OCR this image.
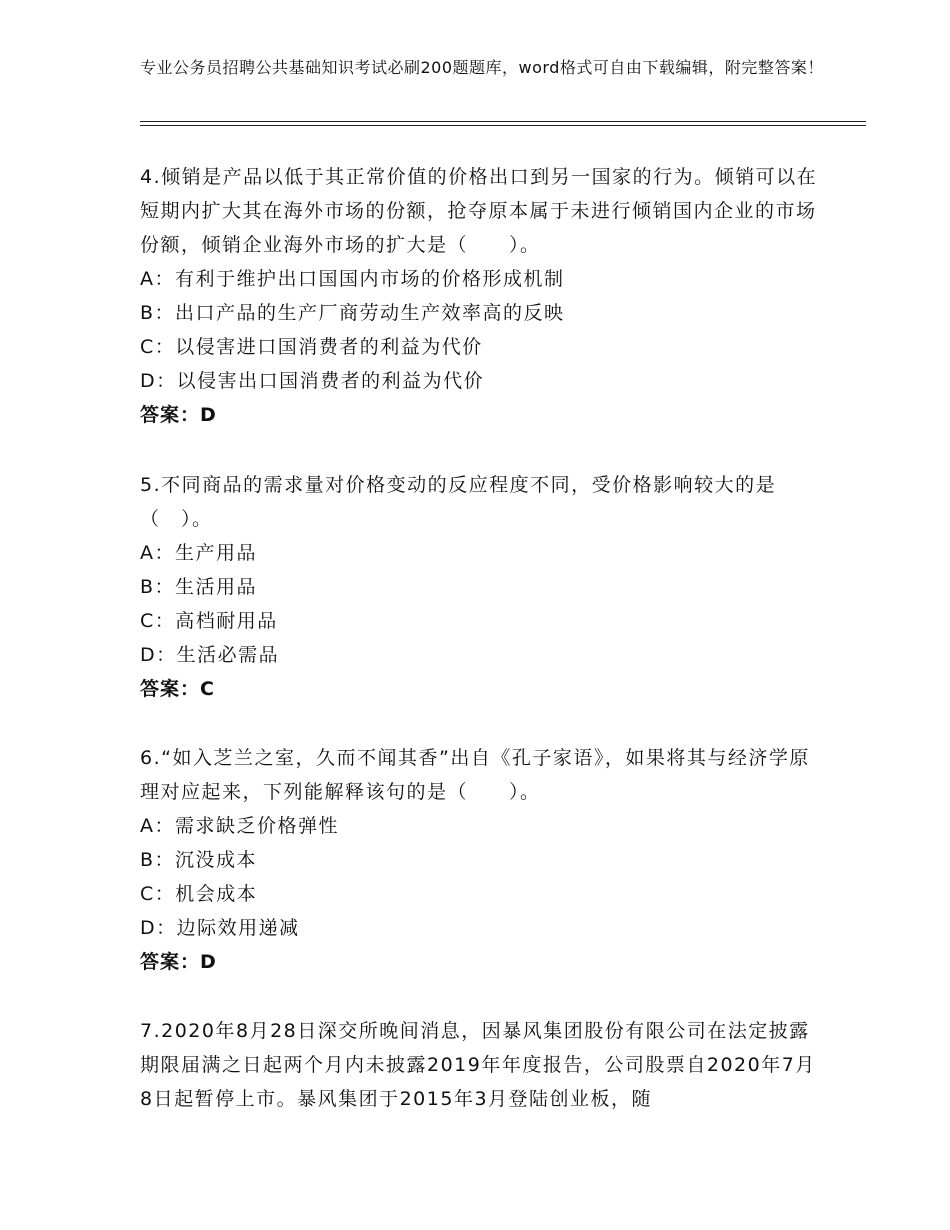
专业公务员招聘公共基础知识考试必刷200题题库，word格式可自由下载编辑，附完整答案！

4.倾销是产品以低于其正常价值的价格出口到另一国家的行为。倾销可以在短期内扩大其在海外市场的份额，抢夺原本属于未进行倾销国内企业的市场份额，倾销企业海外市场的扩大是（　　）。

A：有利于维护出口国国内市场的价格形成机制

B：出口产品的生产厂商劳动生产效率高的反映

C：以侵害进口国消费者的利益为代价

D：以侵害出口国消费者的利益为代价

答案：D

5.不同商品的需求量对价格变动的反应程度不同，受价格影响较大的是（　）。

A：生产用品

B：生活用品

C：高档耐用品

D：生活必需品

答案：C

6.“如入芝兰之室，久而不闻其香”出自《孔子家语》，如果将其与经济学原理对应起来，下列能解释该句的是（　　）。

A：需求缺乏价格弹性

B：沉没成本

C：机会成本

D：边际效用递减

答案：D

7.2020年8月28日深交所晚间消息，因暴风集团股份有限公司在法定披露期限届满之日起两个月内未披露2019年年度报告，公司股票自2020年7月8日起暂停上市。暴风集团于2015年3月登陆创业板，随
